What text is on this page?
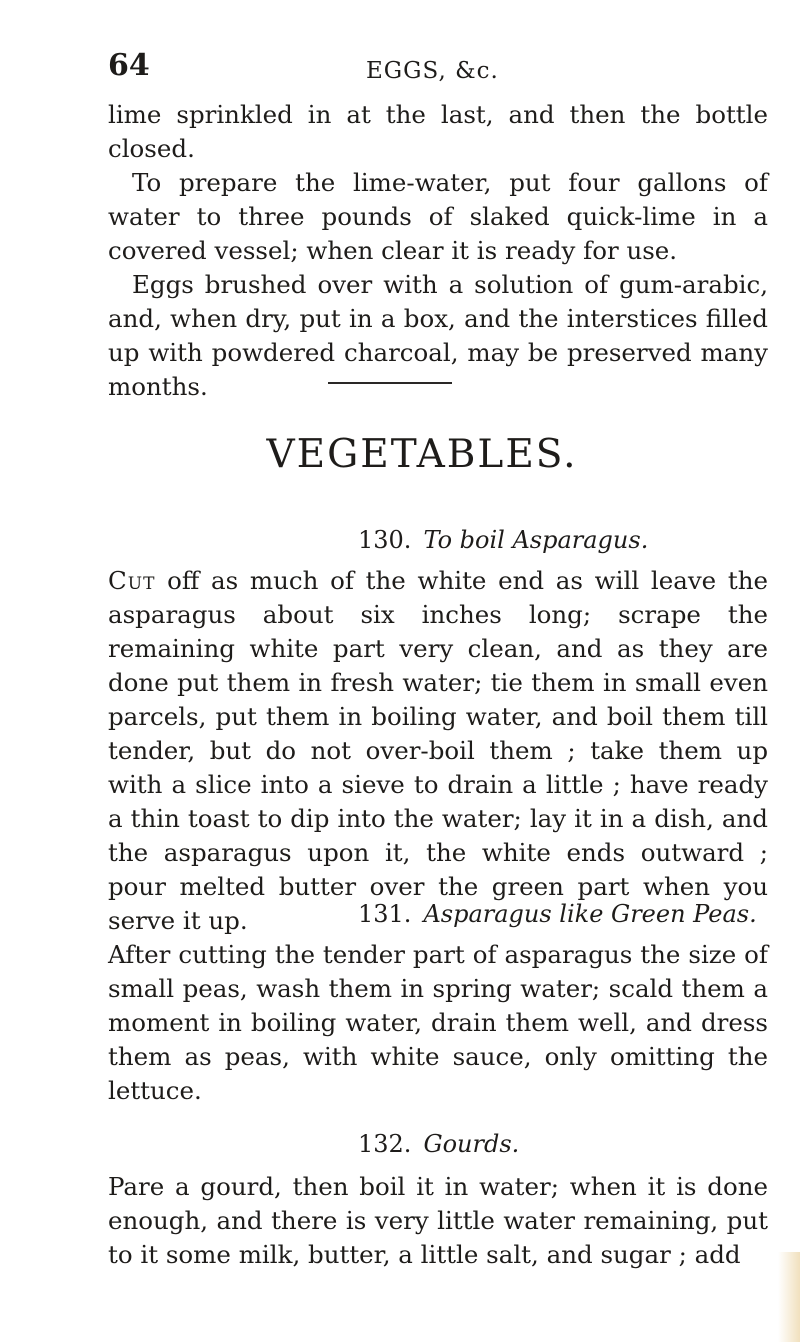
64	EGGS, &c.

lime sprinkled in at the last, and then the bottle closed.

To prepare the lime-water, put four gallons of water to three pounds of slaked quick-lime in a covered vessel; when clear it is ready for use.

Eggs brushed over with a solution of gum-arabic, and, when dry, put in a box, and the interstices filled up with powdered charcoal, may be preserved many months.

VEGETABLES.
130. To boil Asparagus.

Cut off as much of the white end as will leave the asparagus about six inches long; scrape the remaining white part very clean, and as they are done put them in fresh water; tie them in small even parcels, put them in boiling water, and boil them till tender, but do not over-boil them ; take them up with a slice into a sieve to drain a little ; have ready a thin toast to dip into the water; lay it in a dish, and the asparagus upon it, the white ends outward ; pour melted butter over the green part when you serve it up.	131. Asparagus like Green Peas.

After cutting the tender part of asparagus the size of small peas, wash them in spring water; scald them a moment in boiling water, drain them well, and dress them as peas, with white sauce, only omitting the lettuce.

132. Gourds.

Pare a gourd, then boil it in water; when it is done enough, and there is very little water remaining, put to it some milk, butter, a little salt, and sugar ; add
